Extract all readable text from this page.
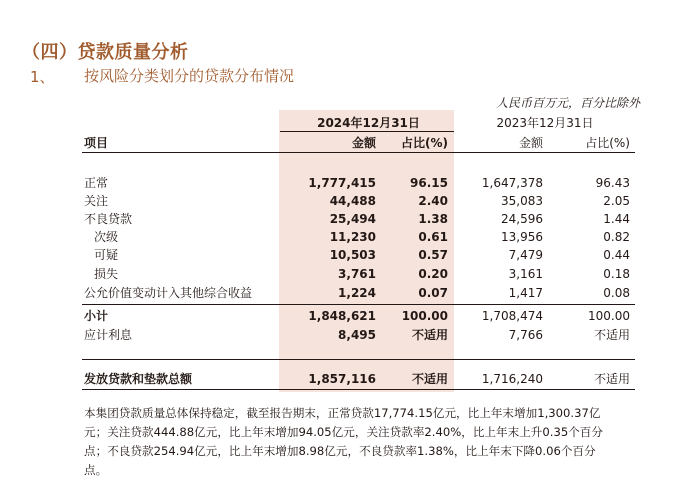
（四）贷款质量分析
1、 按风险分类划分的贷款分布情况
人民币百万元，百分比除外
2024年12月31日	2023年12月31日
项目	金额	占比(%)	金额	占比(%)
正常	1,777,415	96.15	1,647,378	96.43
关注	44,488	2.40	35,083	2.05
不良贷款	25,494	1.38	24,596	1.44
次级	11,230	0.61	13,956	0.82
可疑	10,503	0.57	7,479	0.44
损失	3,761	0.20	3,161	0.18
公允价值变动计入其他综合收益	1,224	0.07	1,417	0.08
小计	1,848,621	100.00	1,708,474	100.00
应计利息	8,495	不适用	7,766	不适用
发放贷款和垫款总额	1,857,116	不适用	1,716,240	不适用
本集团贷款质量总体保持稳定，截至报告期末，正常贷款17,774.15亿元，比上年末增加1,300.37亿
元；关注贷款444.88亿元，比上年末增加94.05亿元，关注贷款率2.40%，比上年末上升0.35个百分
点；不良贷款254.94亿元，比上年末增加8.98亿元，不良贷款率1.38%，比上年末下降0.06个百分
点。
